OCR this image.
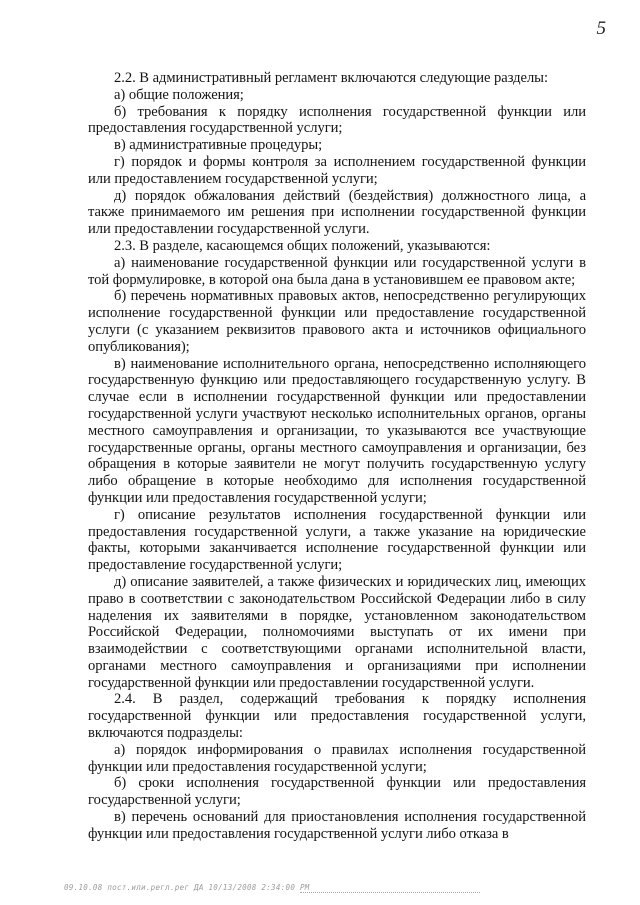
5

2.2. В административный регламент включаются следующие разделы:

а) общие положения;

б) требования к порядку исполнения государственной функции или предоставления государственной услуги;

в) административные процедуры;

г) порядок и формы контроля за исполнением государственной функции или предоставлением государственной услуги;

д) порядок обжалования действий (бездействия) должностного лица, а также принимаемого им решения при исполнении государственной функции или предоставлении государственной услуги.

2.3. В разделе, касающемся общих положений, указываются:

а) наименование государственной функции или государственной услуги в той формулировке, в которой она была дана в установившем ее правовом акте;

б) перечень нормативных правовых актов, непосредственно регулирующих исполнение государственной функции или предоставление государственной услуги (с указанием реквизитов правового акта и источников официального опубликования);

в) наименование исполнительного органа, непосредственно исполняющего государственную функцию или предоставляющего государственную услугу. В случае если в исполнении государственной функции или предоставлении государственной услуги участвуют несколько исполнительных органов, органы местного самоуправления и организации, то указываются все участвующие государственные органы, органы местного самоуправления и организации, без обращения в которые заявители не могут получить государственную услугу либо обращение в которые необходимо для исполнения государственной функции или предоставления государственной услуги;

г) описание результатов исполнения государственной функции или предоставления государственной услуги, а также указание на юридические факты, которыми заканчивается исполнение государственной функции или предоставление государственной услуги;

д) описание заявителей, а также физических и юридических лиц, имеющих право в соответствии с законодательством Российской Федерации либо в силу наделения их заявителями в порядке, установленном законодательством Российской Федерации, полномочиями выступать от их имени при взаимодействии с соответствующими органами исполнительной власти, органами местного самоуправления и организациями при исполнении государственной функции или предоставлении государственной услуги.

2.4. В раздел, содержащий требования к порядку исполнения государственной функции или предоставления государственной услуги, включаются подразделы:

а) порядок информирования о правилах исполнения государственной функции или предоставления государственной услуги;

б) сроки исполнения государственной функции или предоставления государственной услуги;

в) перечень оснований для приостановления исполнения государственной функции или предоставления государственной услуги либо отказа в

09.10.08 пост.или.регл.рег ДА 10/13/2008 2:34:00 PM
